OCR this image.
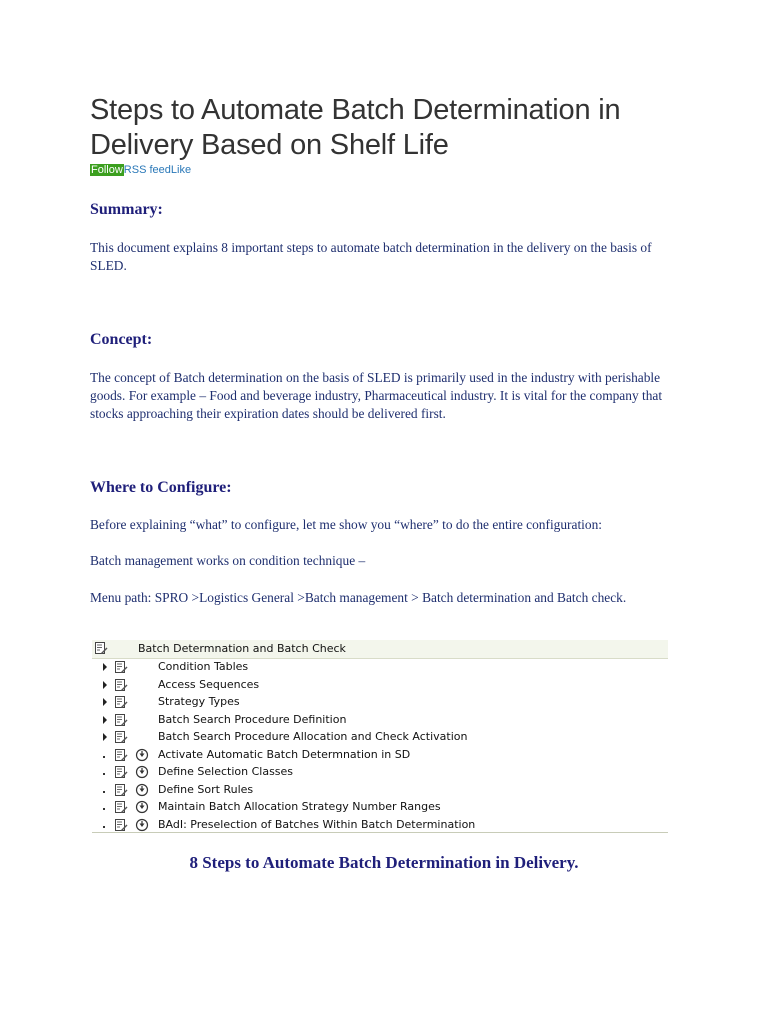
Steps to Automate Batch Determination in Delivery Based on Shelf Life
FollowRSS feedLike
Summary:

This document explains 8 important steps to automate batch determination in the delivery on the basis of SLED.

Concept:

The concept of Batch determination on the basis of SLED is primarily used in the industry with perishable goods. For example – Food and beverage industry, Pharmaceutical industry. It is vital for the company that stocks approaching their expiration dates should be delivered first.

Where to Configure:

Before explaining “what” to configure, let me show you “where” to do the entire configuration:

Batch management works on condition technique –

Menu path: SPRO >Logistics General >Batch management > Batch determination and Batch check.

Batch Determnation and Batch Check
Condition Tables
Access Sequences
Strategy Types
Batch Search Procedure Definition
Batch Search Procedure Allocation and Check Activation
Activate Automatic Batch Determnation in SD
Define Selection Classes
Define Sort Rules
Maintain Batch Allocation Strategy Number Ranges
BAdI: Preselection of Batches Within Batch Determination
8 Steps to Automate Batch Determination in Delivery.
